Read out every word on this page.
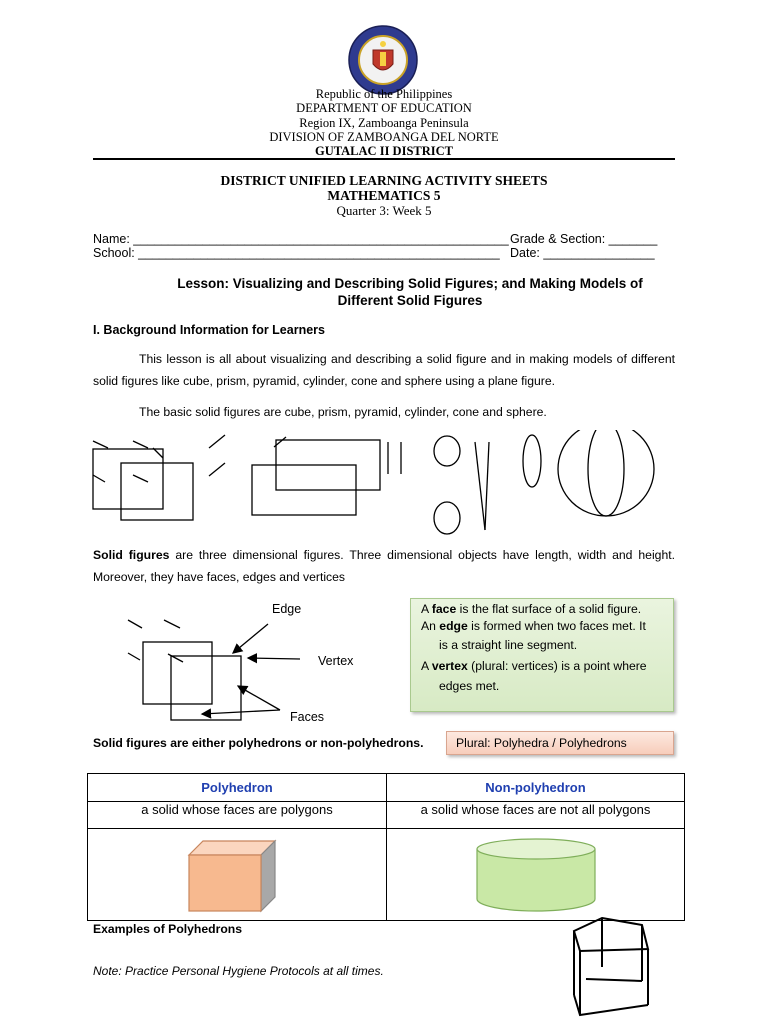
Republic of the Philippines
DEPARTMENT OF EDUCATION
Region IX, Zamboanga Peninsula
DIVISION OF ZAMBOANGA DEL NORTE
GUTALAC II DISTRICT
DISTRICT UNIFIED LEARNING ACTIVITY SHEETS
MATHEMATICS 5
Quarter 3: Week 5
Name: ______________________________________________________ Grade & Section: _______
School: ____________________________________________________ Date: ________________
Lesson: Visualizing and Describing Solid Figures; and Making Models of
Different Solid Figures
I. Background Information for Learners
This lesson is all about visualizing and describing a solid figure and in making models of different solid figures like cube, prism, pyramid, cylinder, cone and sphere using a plane figure.
The basic solid figures are cube, prism, pyramid, cylinder, cone and sphere.
Solid figures are three dimensional figures. Three dimensional objects have length, width and height. Moreover, they have faces, edges and vertices
Edge
Vertex
Faces
A face is the flat surface of a solid figure.
An edge is formed when two faces met. It
is a straight line segment.
A vertex (plural: vertices) is a point where
edges met.
Solid figures are either polyhedrons or non-polyhedrons.	Plural: Polyhedra / Polyhedrons
Polyhedron	Non-polyhedron
a solid whose faces are polygons	a solid whose faces are not all polygons

Examples of Polyhedrons
Note: Practice Personal Hygiene Protocols at all times.
